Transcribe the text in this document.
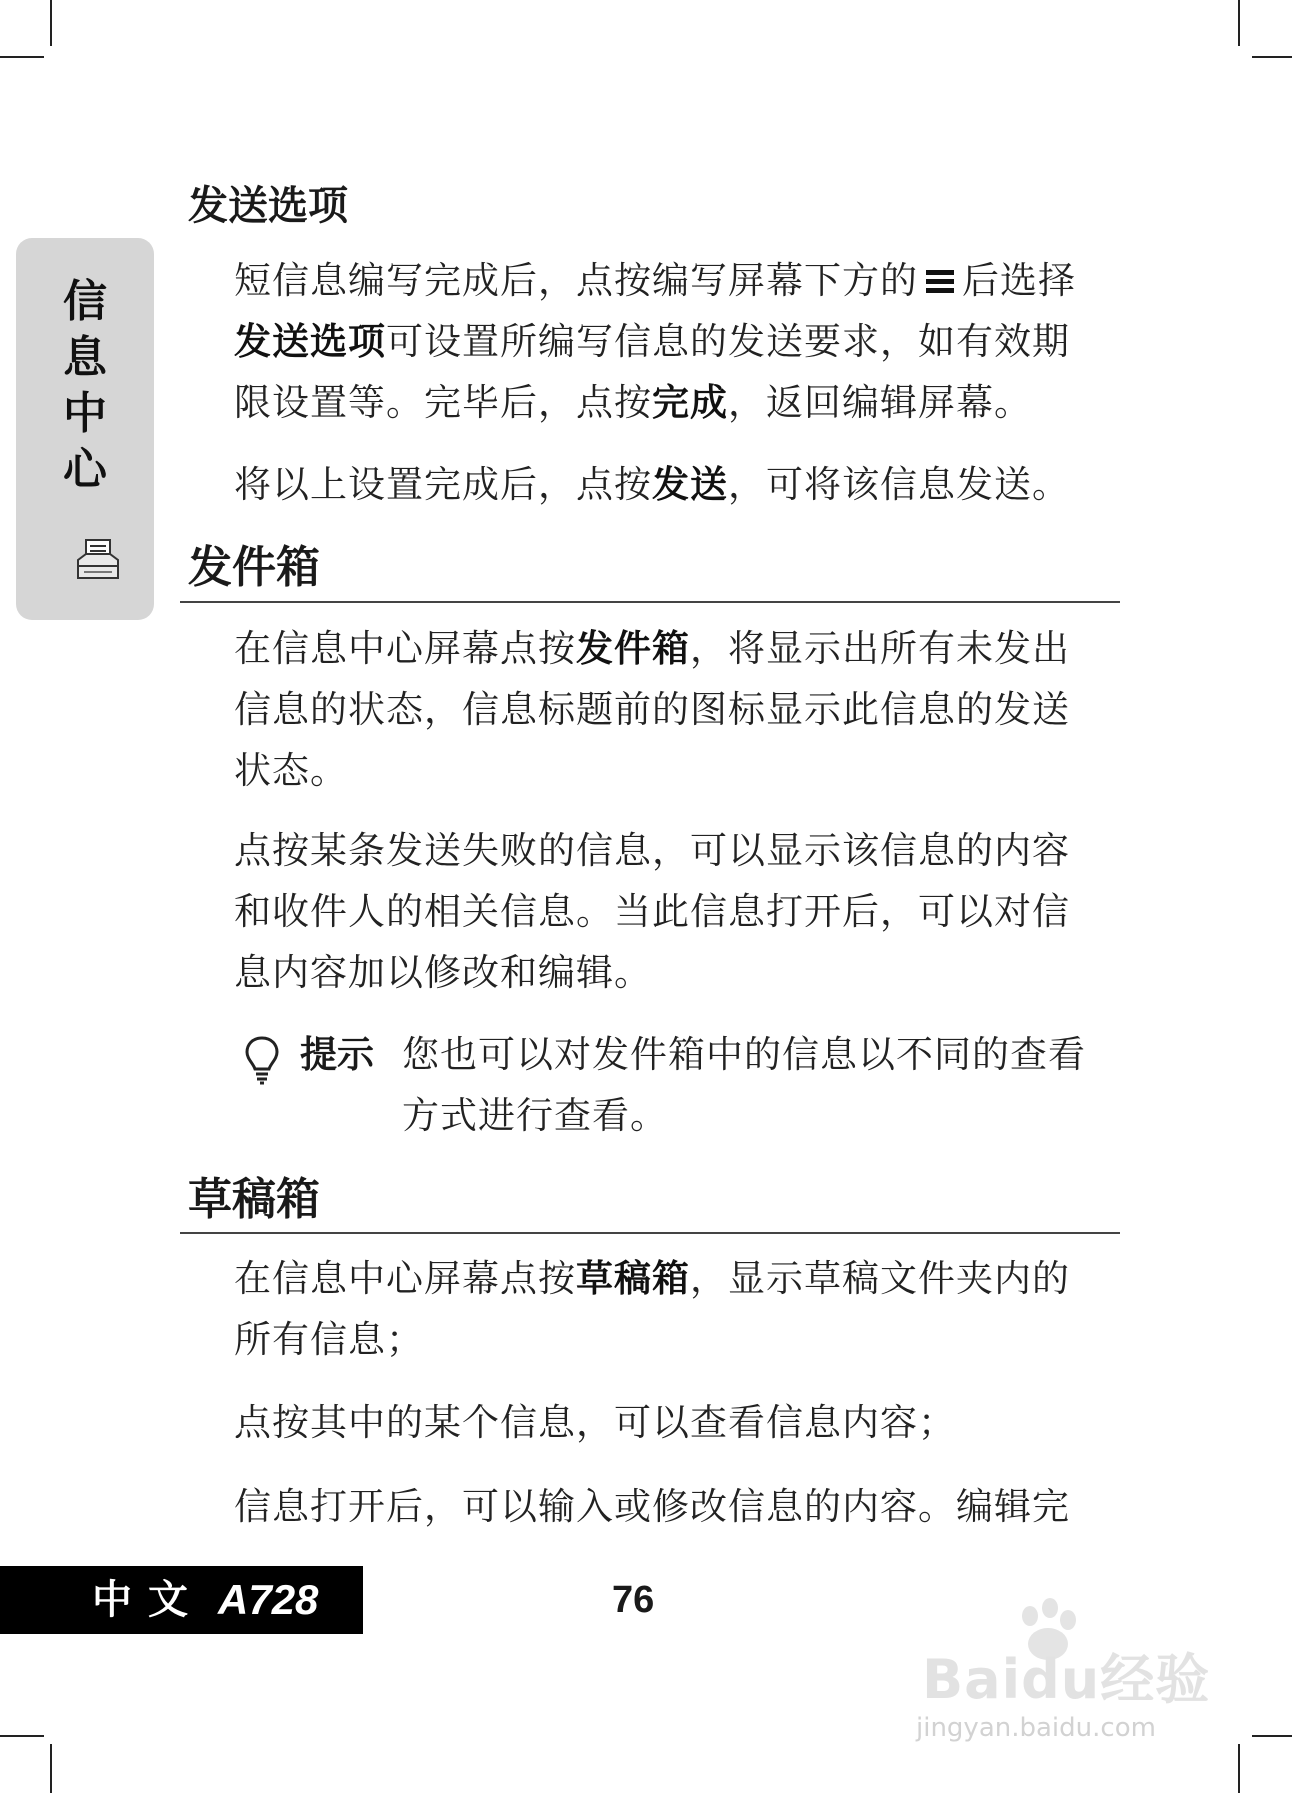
信
息
中
心
发送选项

短信息编写完成后，点按编写屏幕下方的 后选择发送选项可设置所编写信息的发送要求，如有效期限设置等。完毕后，点按完成，返回编辑屏幕。

将以上设置完成后，点按发送，可将该信息发送。

发件箱

在信息中心屏幕点按发件箱，将显示出所有未发出信息的状态，信息标题前的图标显示此信息的发送状态。

点按某条发送失败的信息，可以显示该信息的内容和收件人的相关信息。当此信息打开后，可以对信息内容加以修改和编辑。

提示 您也可以对发件箱中的信息以不同的查看方式进行查看。

草稿箱

在信息中心屏幕点按草稿箱，显示草稿文件夹内的所有信息；

点按其中的某个信息，可以查看信息内容；

信息打开后，可以输入或修改信息的内容。编辑完

中文 A728	76
Baidu经验
jingyan.baidu.com
